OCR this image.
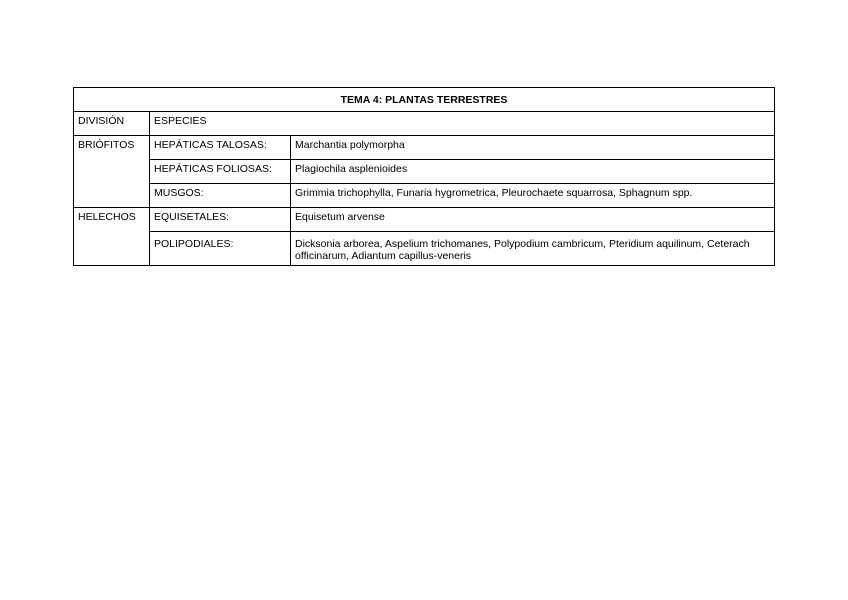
TEMA 4: PLANTAS TERRESTRES		
DIVISIÓN	ESPECIES	
BRIÓFITOS	HEPÁTICAS TALOSAS:	Marchantia polymorpha
	HEPÁTICAS FOLIOSAS:	Plagiochila asplenioides
	MUSGOS:	Grimmia trichophylla, Funaria hygrometrica, Pleurochaete squarrosa, Sphagnum spp.
HELECHOS	EQUISETALES:	Equisetum arvense
	POLIPODIALES:	Dicksonia arborea, Aspelium trichomanes, Polypodium cambricum, Pteridium aquilinum, Ceterach officinarum, Adiantum capillus-veneris
